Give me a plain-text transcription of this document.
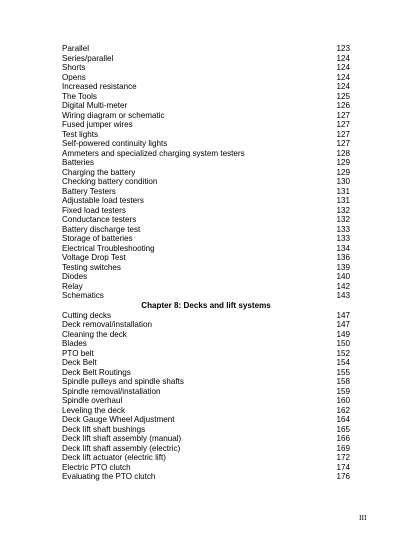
Parallel	123
Series/parallel	124
Shorts	124
Opens	124
Increased resistance	124
The Tools	125
Digital Multi-meter	126
Wiring diagram or schematic	127
Fused jumper wires	127
Test lights	127
Self-powered continuity lights	127
Ammeters and specialized charging system testers	128
Batteries	129
Charging the battery	129
Checking battery condition	130
Battery Testers	131
Adjustable load testers	131
Fixed load testers	132
Conductance testers	132
Battery discharge test	133
Storage of batteries	133
Electrical Troubleshooting	134
Voltage Drop Test	136
Testing switches	139
Diodes	140
Relay	142
Schematics	143
Chapter 8: Decks and lift systems
Cutting decks	147
Deck removal/installation	147
Cleaning the deck	149
Blades	150
PTO belt	152
Deck Belt	154
Deck Belt Routings	155
Spindle pulleys and spindle shafts	158
Spindle removal/installation	159
Spindle overhaul	160
Leveling the deck	162
Deck Gauge Wheel Adjustment	164
Deck lift shaft bushings	165
Deck lift shaft assembly (manual)	166
Deck lift shaft assembly (electric)	169
Deck lift actuator (electric lift)	172
Electric PTO clutch	174
Evaluating the PTO clutch	176
III
